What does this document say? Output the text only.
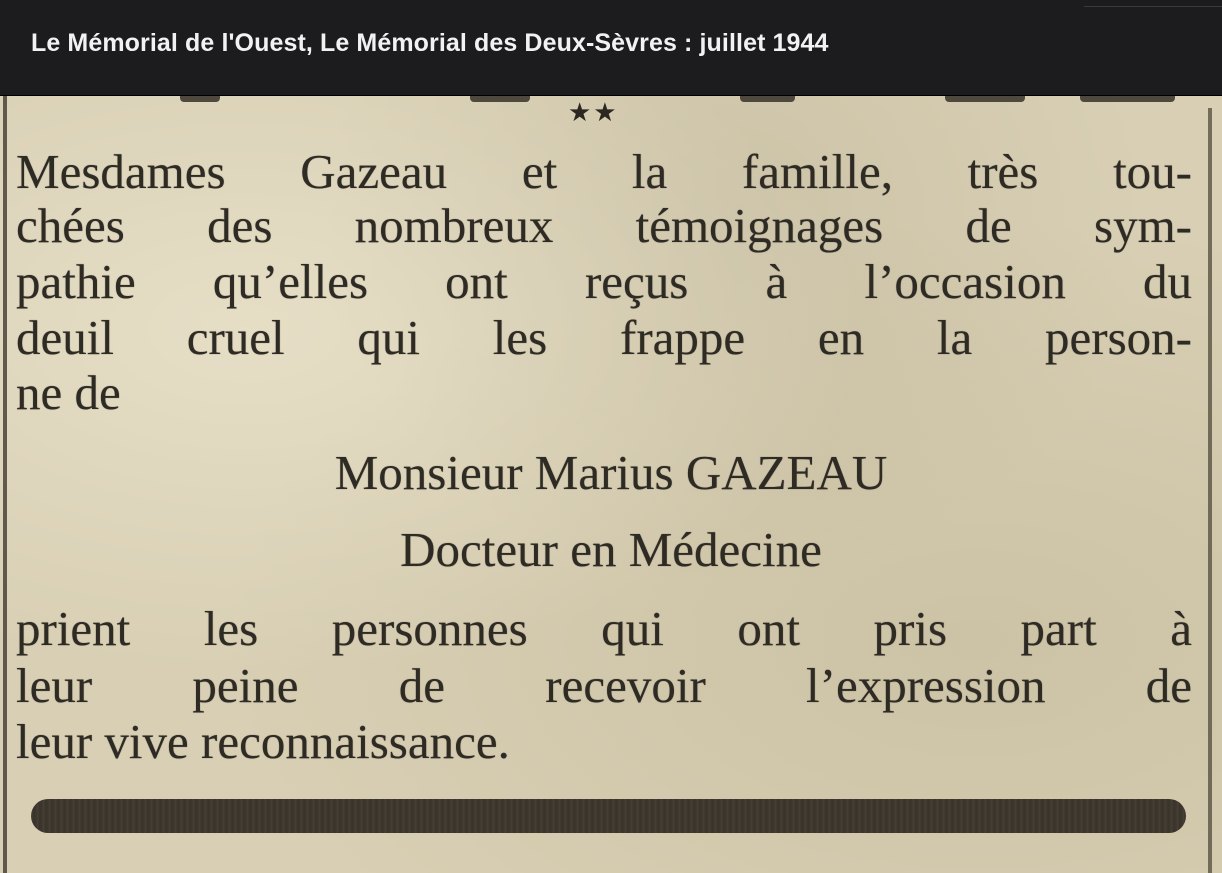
Le Mémorial de l'Ouest, Le Mémorial des Deux-Sèvres : juillet 1944
★★
Mesdames Gazeau et la famille, très tou-
chées des nombreux témoignages de sym-
pathie qu’elles ont reçus à l’occasion du
deuil cruel qui les frappe en la person-
ne de
Monsieur Marius GAZEAU
Docteur en Médecine
prient les personnes qui ont pris part à
leur peine de recevoir l’expression de
leur vive reconnaissance.
